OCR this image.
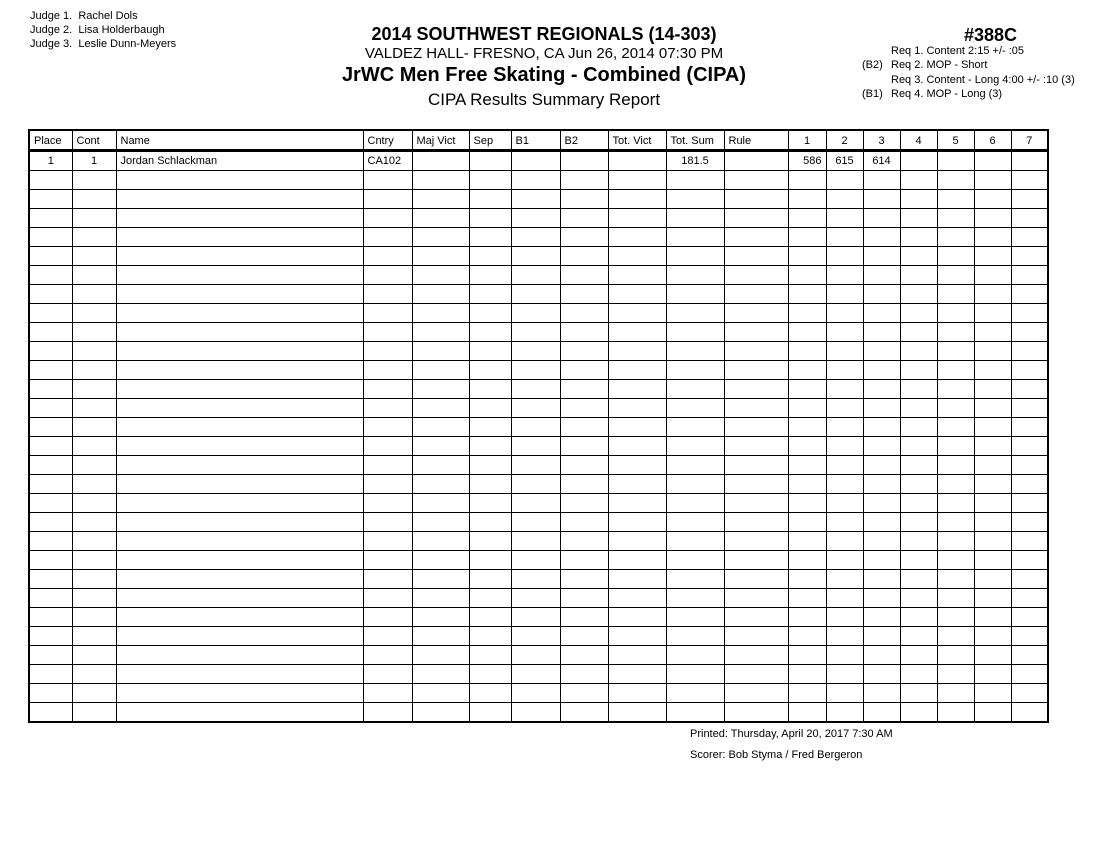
Judge 1. Rachel Dols
Judge 2. Lisa Holderbaugh
Judge 3. Leslie Dunn-Meyers	2014 SOUTHWEST REGIONALS (14-303)
VALDEZ HALL- FRESNO, CA Jun 26, 2014 07:30 PM
JrWC Men Free Skating - Combined (CIPA)
CIPA Results Summary Report
#388C
Req 1. Content 2:15 +/- :05
(B2) Req 2. MOP - Short
Req 3. Content - Long 4:00 +/- :10 (3)
(B1) Req 4. MOP - Long (3)
Place	Cont	Name	Cntry	Maj Vict	Sep	B1	B2	Tot. Vict	Tot. Sum	Rule	1	2	3	4	5	6	7
1	1	Jordan Schlackman	CA102						181.5		586	615	614				

Printed: Thursday, April 20, 2017 7:30 AM
Scorer: Bob Styma / Fred Bergeron
